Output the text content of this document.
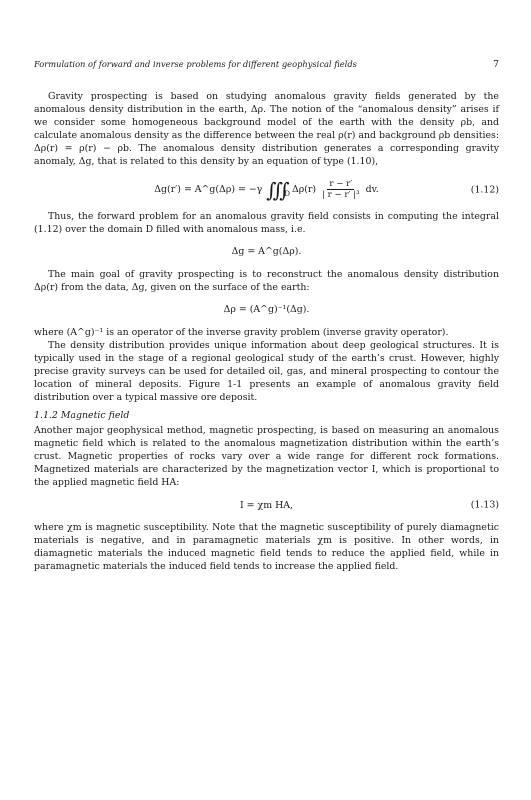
Formulation of forward and inverse problems for different geophysical fields	7

Gravity prospecting is based on studying anomalous gravity fields generated by the anomalous density distribution in the earth, Δρ. The notion of the “anomalous density” arises if we consider some homogeneous background model of the earth with the density ρb, and calculate anomalous density as the difference between the real ρ(r) and background ρb densities: Δρ(r) = ρ(r) − ρb. The anomalous density distribution generates a corresponding gravity anomaly, Δg, that is related to this density by an equation of type (1.10),

Δg(r′) = A^g(Δρ) = −γ ∭
D $\Delta\rho(r) \frac{r - r'}{\text{| r − r′ |³}}$ dv.	(1.12)

Thus, the forward problem for an anomalous gravity field consists in computing the integral (1.12) over the domain D filled with anomalous mass, i.e.

Δg = A^g(Δρ).

The main goal of gravity prospecting is to reconstruct the anomalous density distribution Δρ(r) from the data, Δg, given on the surface of the earth:

Δρ = (A^g)⁻¹(Δg).

where (A^g)⁻¹ is an operator of the inverse gravity problem (inverse gravity operator).

The density distribution provides unique information about deep geological structures. It is typically used in the stage of a regional geological study of the earth’s crust. However, highly precise gravity surveys can be used for detailed oil, gas, and mineral prospecting to contour the location of mineral deposits. Figure 1-1 presents an example of anomalous gravity field distribution over a typical massive ore deposit.

1.1.2 Magnetic field

Another major geophysical method, magnetic prospecting, is based on measuring an anomalous magnetic field which is related to the anomalous magnetization distribution within the earth’s crust. Magnetic properties of rocks vary over a wide range for different rock formations. Magnetized materials are characterized by the magnetization vector I, which is proportional to the applied magnetic field HA:

I = χm HA,	(1.13)

where χm is magnetic susceptibility. Note that the magnetic susceptibility of purely diamagnetic materials is negative, and in paramagnetic materials χm is positive. In other words, in diamagnetic materials the induced magnetic field tends to reduce the applied field, while in paramagnetic materials the induced field tends to increase the applied field.
